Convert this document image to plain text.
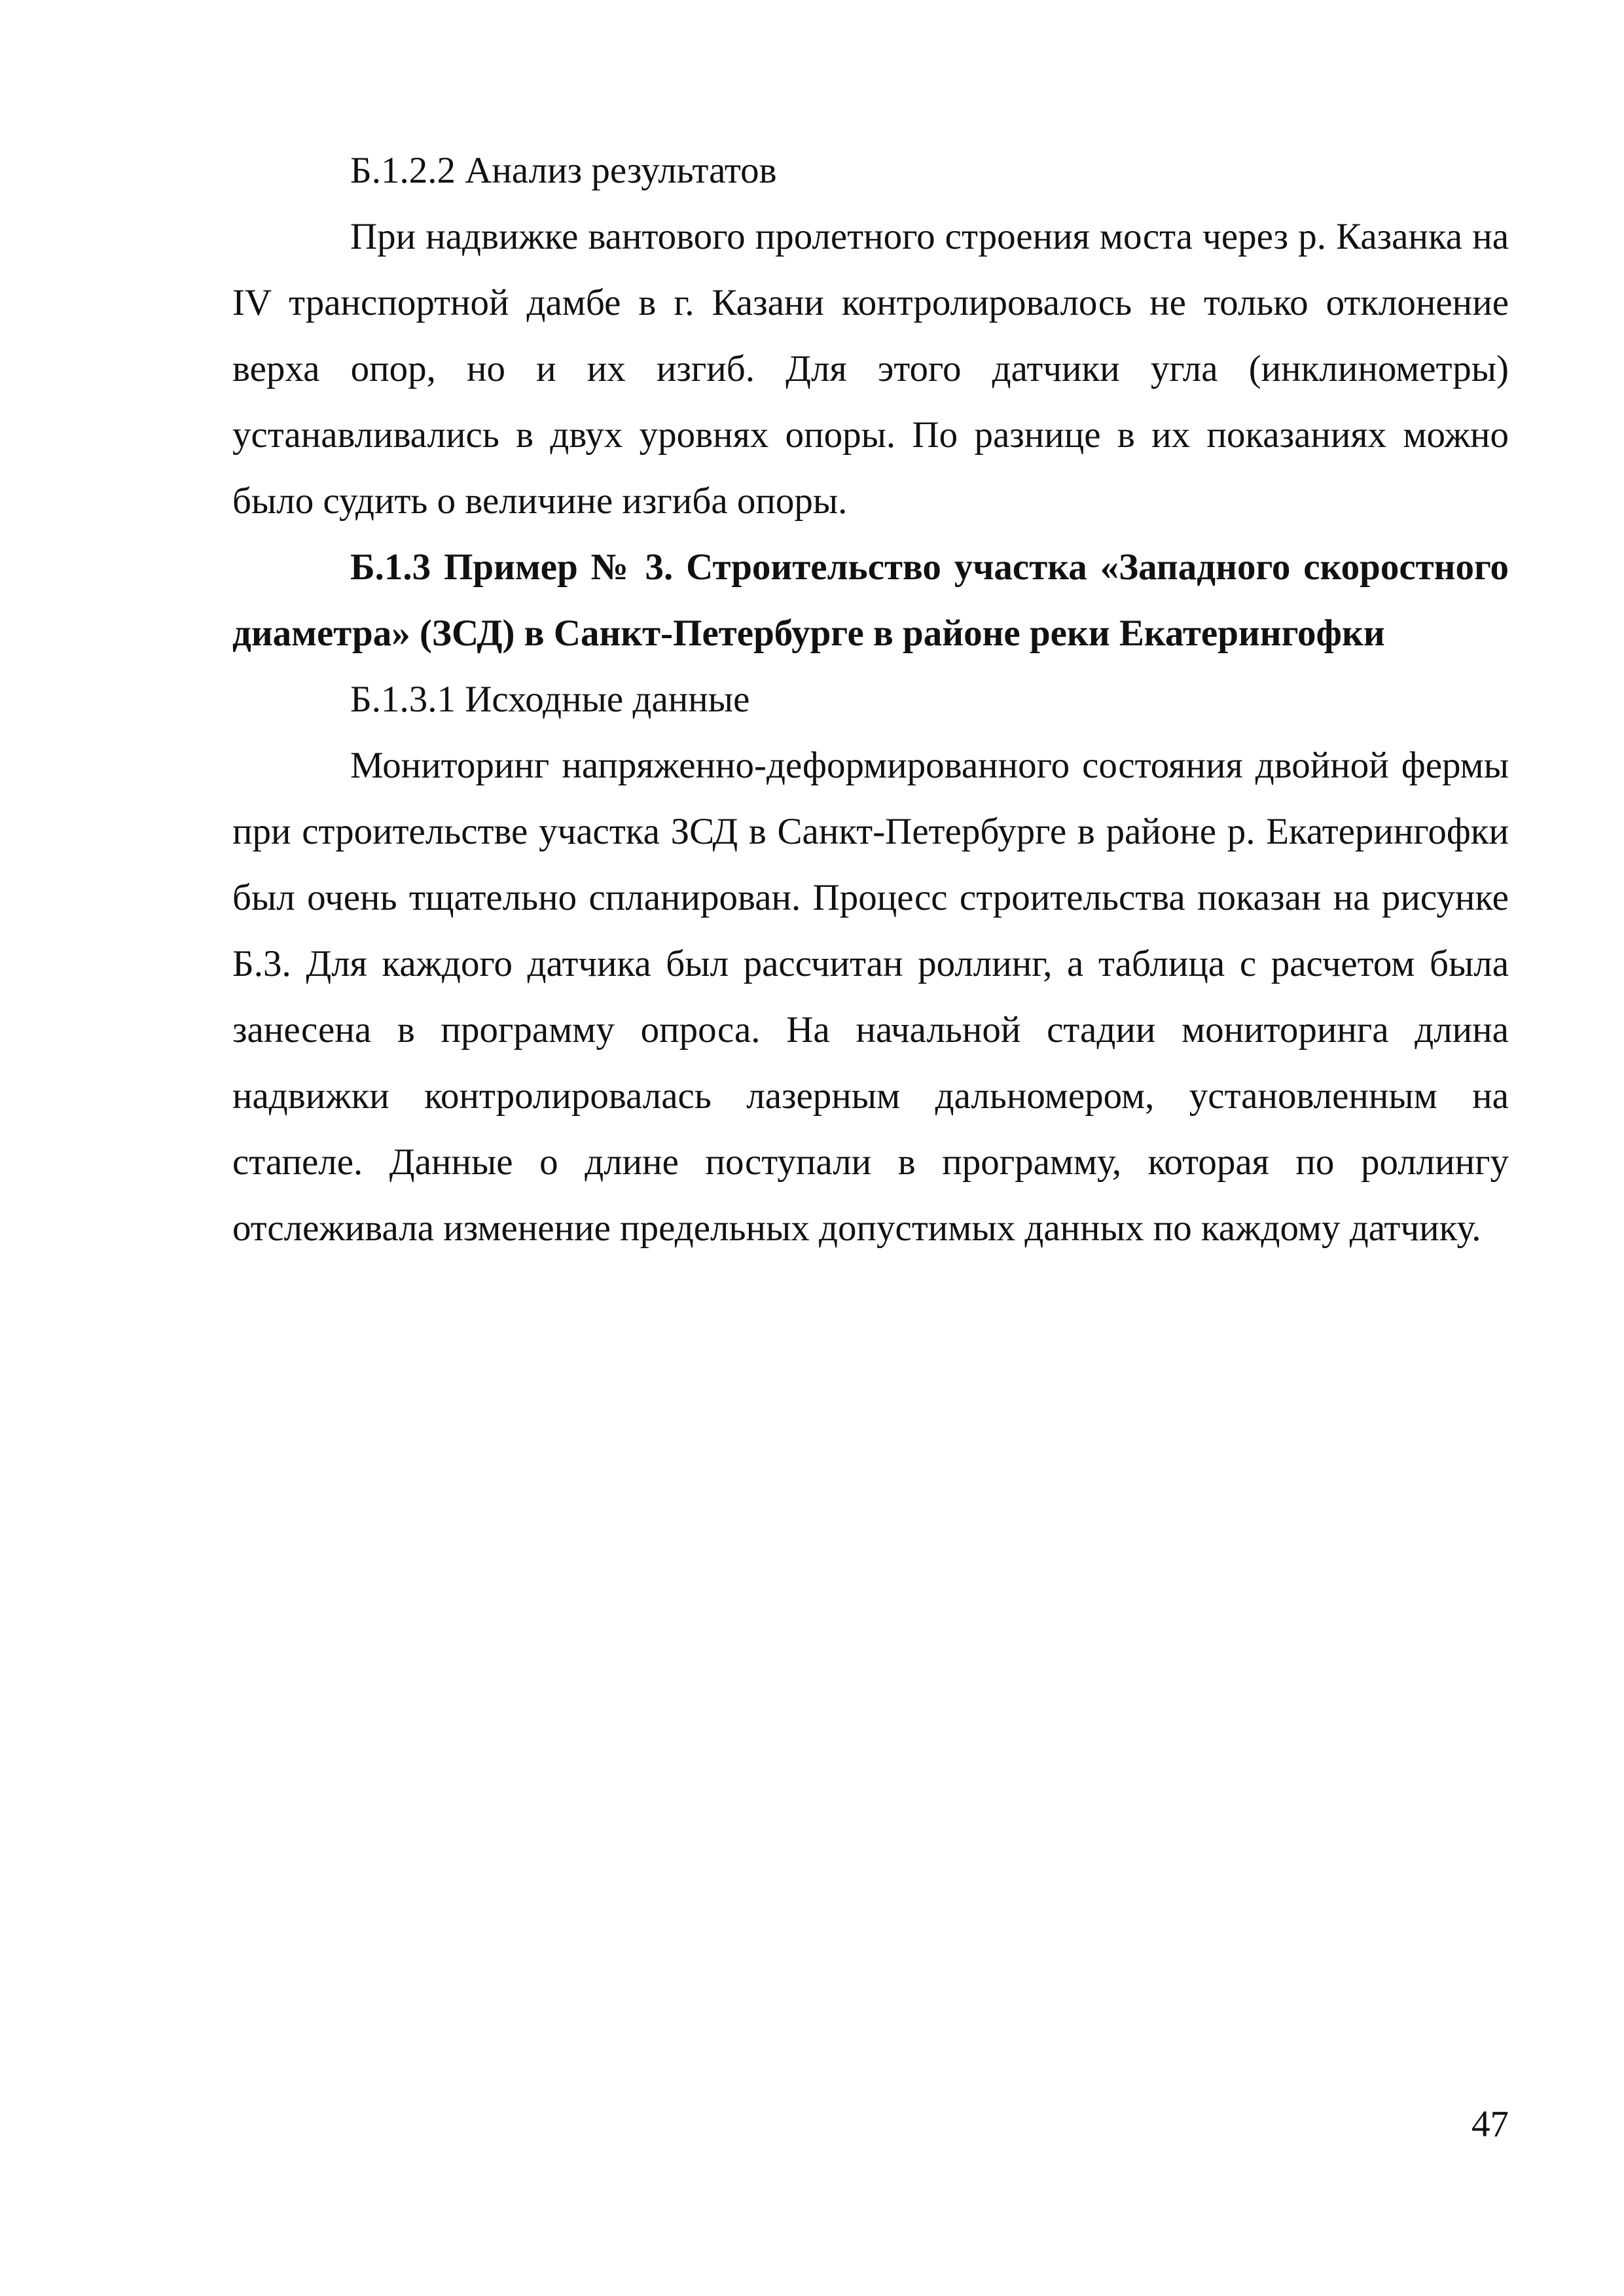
Б.1.2.2 Анализ результатов

При надвижке вантового пролетного строения моста через р. Казанка на IV транспортной дамбе в г. Казани контролировалось не только отклонение верха опор, но и их изгиб. Для этого датчики угла (инклинометры) устанавливались в двух уровнях опоры. По разнице в их показаниях можно было судить о величине изгиба опоры.

Б.1.3 Пример № 3. Строительство участка «Западного скоростного диаметра» (ЗСД) в Санкт-Петербурге в районе реки Екатерингофки

Б.1.3.1 Исходные данные

Мониторинг напряженно-деформированного состояния двойной фермы при строительстве участка ЗСД в Санкт-Петербурге в районе р. Екатерингофки был очень тщательно спланирован. Процесс строительства показан на рисунке Б.3. Для каждого датчика был рассчитан роллинг, а таблица с расчетом была занесена в программу опроса. На начальной стадии мониторинга длина надвижки контролировалась лазерным дальномером, установленным на стапеле. Данные о длине поступали в программу, которая по роллингу отслеживала изменение предельных допустимых данных по каждому датчику.

47
